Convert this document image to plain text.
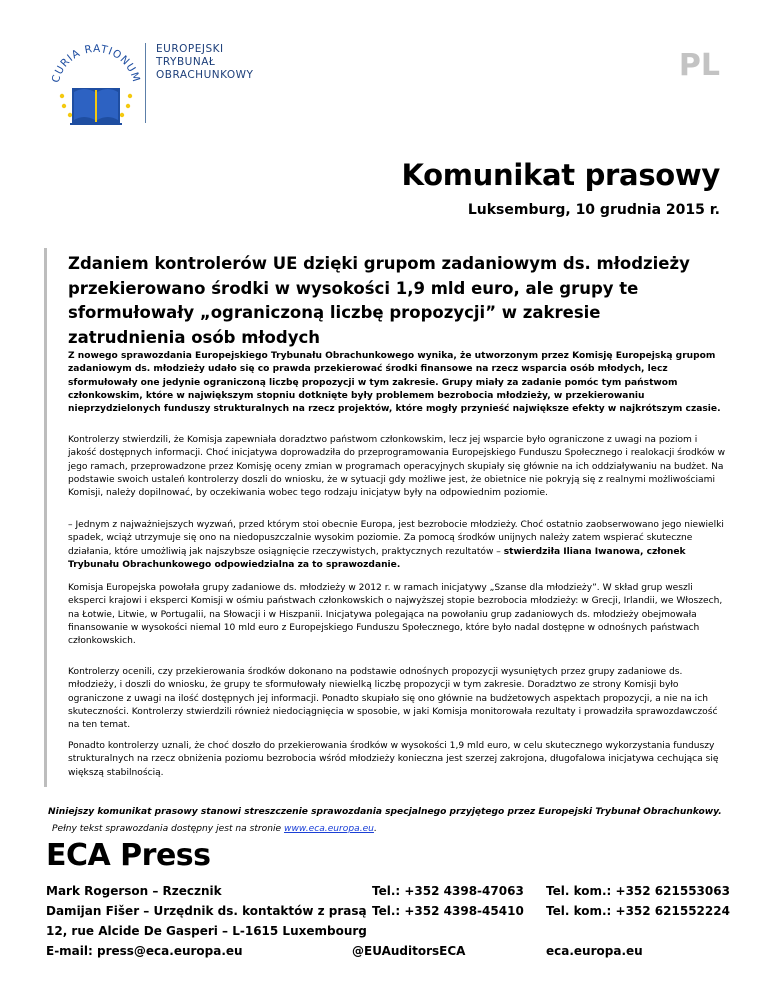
CURIA RATIONUM
EUROPEJSKI
TRYBUNAŁ
OBRACHUNKOWY	PL
Komunikat prasowy
Luksemburg, 10 grudnia 2015 r.
Zdaniem kontrolerów UE dzięki grupom zadaniowym ds. młodzieży przekierowano środki w wysokości 1,9 mld euro, ale grupy te sformułowały „ograniczoną liczbę propozycji” w zakresie zatrudnienia osób młodych

Z nowego sprawozdania Europejskiego Trybunału Obrachunkowego wynika, że utworzonym przez Komisję Europejską grupom zadaniowym ds. młodzieży udało się co prawda przekierować środki finansowe na rzecz wsparcia osób młodych, lecz sformułowały one jedynie ograniczoną liczbę propozycji w tym zakresie. Grupy miały za zadanie pomóc tym państwom członkowskim, które w największym stopniu dotknięte były problemem bezrobocia młodzieży, w przekierowaniu nieprzydzielonych funduszy strukturalnych na rzecz projektów, które mogły przynieść największe efekty w najkrótszym czasie.

Kontrolerzy stwierdzili, że Komisja zapewniała doradztwo państwom członkowskim, lecz jej wsparcie było ograniczone z uwagi na poziom i jakość dostępnych informacji. Choć inicjatywa doprowadziła do przeprogramowania Europejskiego Funduszu Społecznego i realokacji środków w jego ramach, przeprowadzone przez Komisję oceny zmian w programach operacyjnych skupiały się głównie na ich oddziaływaniu na budżet. Na podstawie swoich ustaleń kontrolerzy doszli do wniosku, że w sytuacji gdy możliwe jest, że obietnice nie pokryją się z realnymi możliwościami Komisji, należy dopilnować, by oczekiwania wobec tego rodzaju inicjatyw były na odpowiednim poziomie.

– Jednym z najważniejszych wyzwań, przed którym stoi obecnie Europa, jest bezrobocie młodzieży. Choć ostatnio zaobserwowano jego niewielki spadek, wciąż utrzymuje się ono na niedopuszczalnie wysokim poziomie. Za pomocą środków unijnych należy zatem wspierać skuteczne działania, które umożliwią jak najszybsze osiągnięcie rzeczywistych, praktycznych rezultatów – stwierdziła Iliana Iwanowa, członek Trybunału Obrachunkowego odpowiedzialna za to sprawozdanie.

Komisja Europejska powołała grupy zadaniowe ds. młodzieży w 2012 r. w ramach inicjatywy „Szanse dla młodzieży”. W skład grup weszli eksperci krajowi i eksperci Komisji w ośmiu państwach członkowskich o najwyższej stopie bezrobocia młodzieży: w Grecji, Irlandii, we Włoszech, na Łotwie, Litwie, w Portugalii, na Słowacji i w Hiszpanii. Inicjatywa polegająca na powołaniu grup zadaniowych ds. młodzieży obejmowała finansowanie w wysokości niemal 10 mld euro z Europejskiego Funduszu Społecznego, które było nadal dostępne w odnośnych państwach członkowskich.

Kontrolerzy ocenili, czy przekierowania środków dokonano na podstawie odnośnych propozycji wysuniętych przez grupy zadaniowe ds. młodzieży, i doszli do wniosku, że grupy te sformułowały niewielką liczbę propozycji w tym zakresie. Doradztwo ze strony Komisji było ograniczone z uwagi na ilość dostępnych jej informacji. Ponadto skupiało się ono głównie na budżetowych aspektach propozycji, a nie na ich skuteczności. Kontrolerzy stwierdzili również niedociągnięcia w sposobie, w jaki Komisja monitorowała rezultaty i prowadziła sprawozdawczość na ten temat.

Ponadto kontrolerzy uznali, że choć doszło do przekierowania środków w wysokości 1,9 mld euro, w celu skutecznego wykorzystania funduszy strukturalnych na rzecz obniżenia poziomu bezrobocia wśród młodzieży konieczna jest szerzej zakrojona, długofalowa inicjatywa cechująca się większą stabilnością.

Niniejszy komunikat prasowy stanowi streszczenie sprawozdania specjalnego przyjętego przez Europejski Trybunał Obrachunkowy.
Pełny tekst sprawozdania dostępny jest na stronie www.eca.europa.eu.
ECA Press
Mark Rogerson – Rzecznik
Damijan Fišer – Urzędnik ds. kontaktów z prasą
12, rue Alcide De Gasperi – L-1615 Luxembourg
E-mail: press@eca.europa.eu
Tel.: +352 4398-47063
Tel.: +352 4398-45410
@EUAuditorsECA
Tel. kom.: +352 621553063
Tel. kom.: +352 621552224
eca.europa.eu
